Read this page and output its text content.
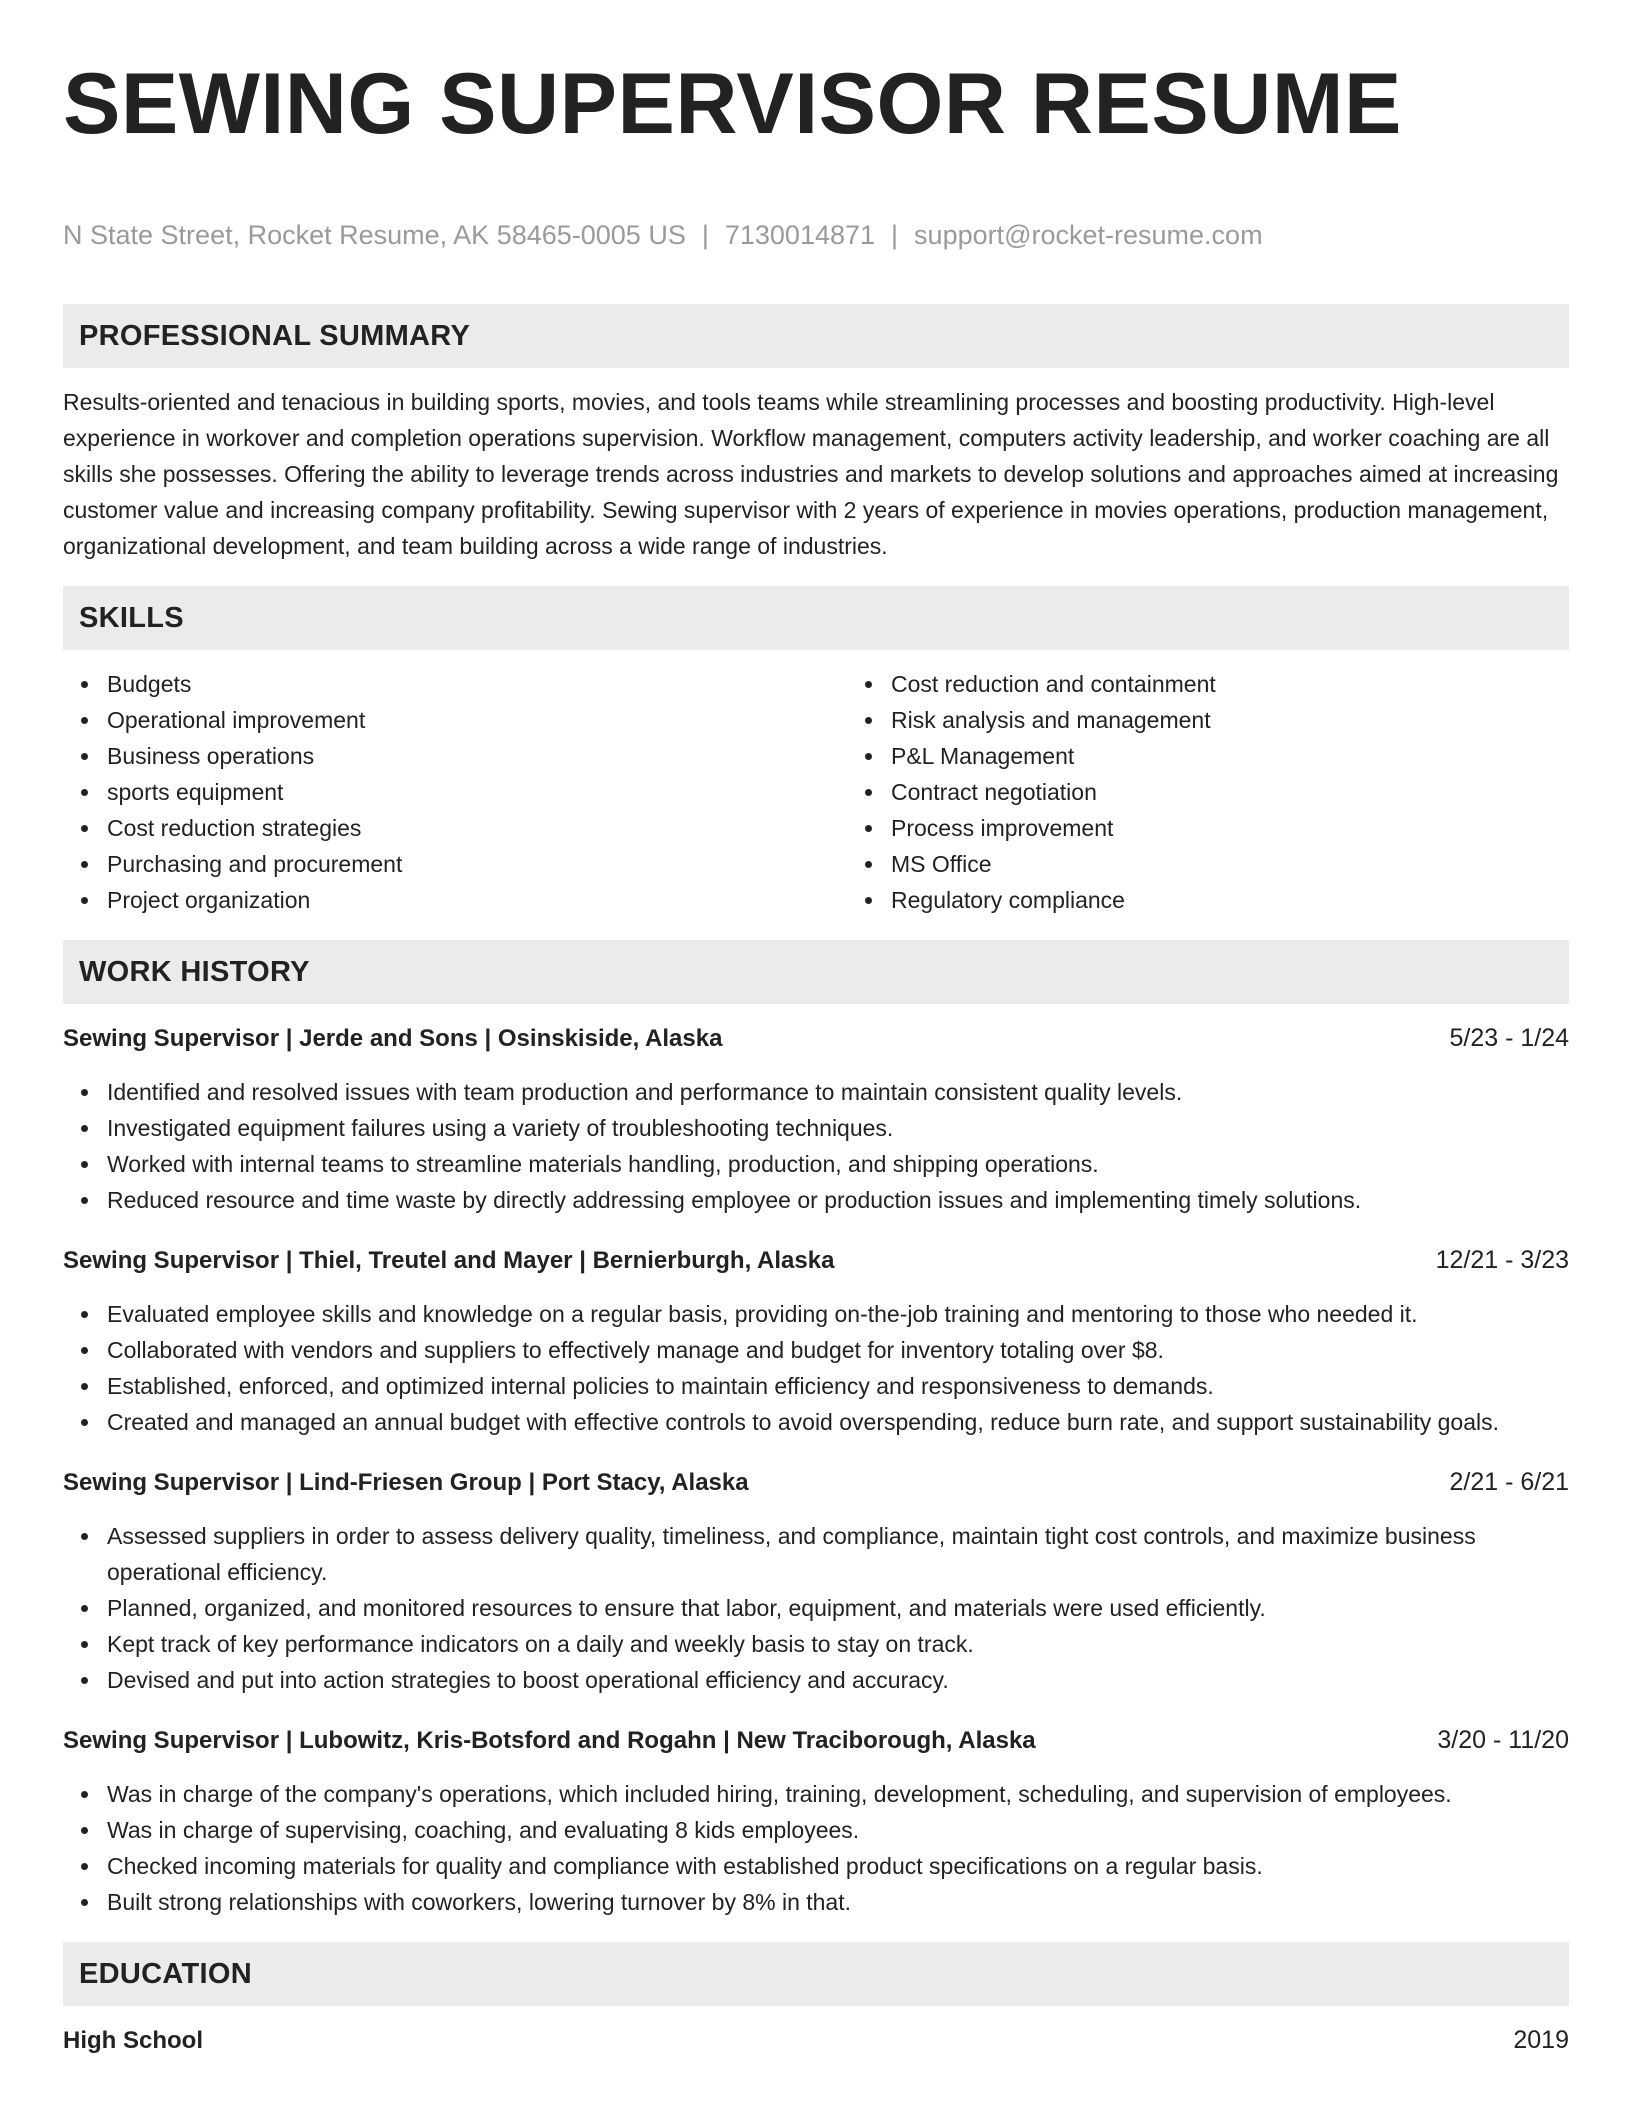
SEWING SUPERVISOR RESUME
N State Street, Rocket Resume, AK 58465-0005 US | 7130014871 | support@rocket-resume.com
PROFESSIONAL SUMMARY

Results-oriented and tenacious in building sports, movies, and tools teams while streamlining processes and boosting productivity. High-level experience in workover and completion operations supervision. Workflow management, computers activity leadership, and worker coaching are all skills she possesses. Offering the ability to leverage trends across industries and markets to develop solutions and approaches aimed at increasing customer value and increasing company profitability. Sewing supervisor with 2 years of experience in movies operations, production management, organizational development, and team building across a wide range of industries.

SKILLS
Budgets
Operational improvement
Business operations
sports equipment
Cost reduction strategies
Purchasing and procurement
Project organization
Cost reduction and containment
Risk analysis and management
P&L Management
Contract negotiation
Process improvement
MS Office
Regulatory compliance
WORK HISTORY
Sewing Supervisor | Jerde and Sons | Osinskiside, Alaska	5/23 - 1/24
Identified and resolved issues with team production and performance to maintain consistent quality levels.
Investigated equipment failures using a variety of troubleshooting techniques.
Worked with internal teams to streamline materials handling, production, and shipping operations.
Reduced resource and time waste by directly addressing employee or production issues and implementing timely solutions.
Sewing Supervisor | Thiel, Treutel and Mayer | Bernierburgh, Alaska	12/21 - 3/23
Evaluated employee skills and knowledge on a regular basis, providing on-the-job training and mentoring to those who needed it.
Collaborated with vendors and suppliers to effectively manage and budget for inventory totaling over $8.
Established, enforced, and optimized internal policies to maintain efficiency and responsiveness to demands.
Created and managed an annual budget with effective controls to avoid overspending, reduce burn rate, and support sustainability goals.
Sewing Supervisor | Lind-Friesen Group | Port Stacy, Alaska	2/21 - 6/21
Assessed suppliers in order to assess delivery quality, timeliness, and compliance, maintain tight cost controls, and maximize business operational efficiency.
Planned, organized, and monitored resources to ensure that labor, equipment, and materials were used efficiently.
Kept track of key performance indicators on a daily and weekly basis to stay on track.
Devised and put into action strategies to boost operational efficiency and accuracy.
Sewing Supervisor | Lubowitz, Kris-Botsford and Rogahn | New Traciborough, Alaska	3/20 - 11/20
Was in charge of the company's operations, which included hiring, training, development, scheduling, and supervision of employees.
Was in charge of supervising, coaching, and evaluating 8 kids employees.
Checked incoming materials for quality and compliance with established product specifications on a regular basis.
Built strong relationships with coworkers, lowering turnover by 8% in that.
EDUCATION
High School	2019
